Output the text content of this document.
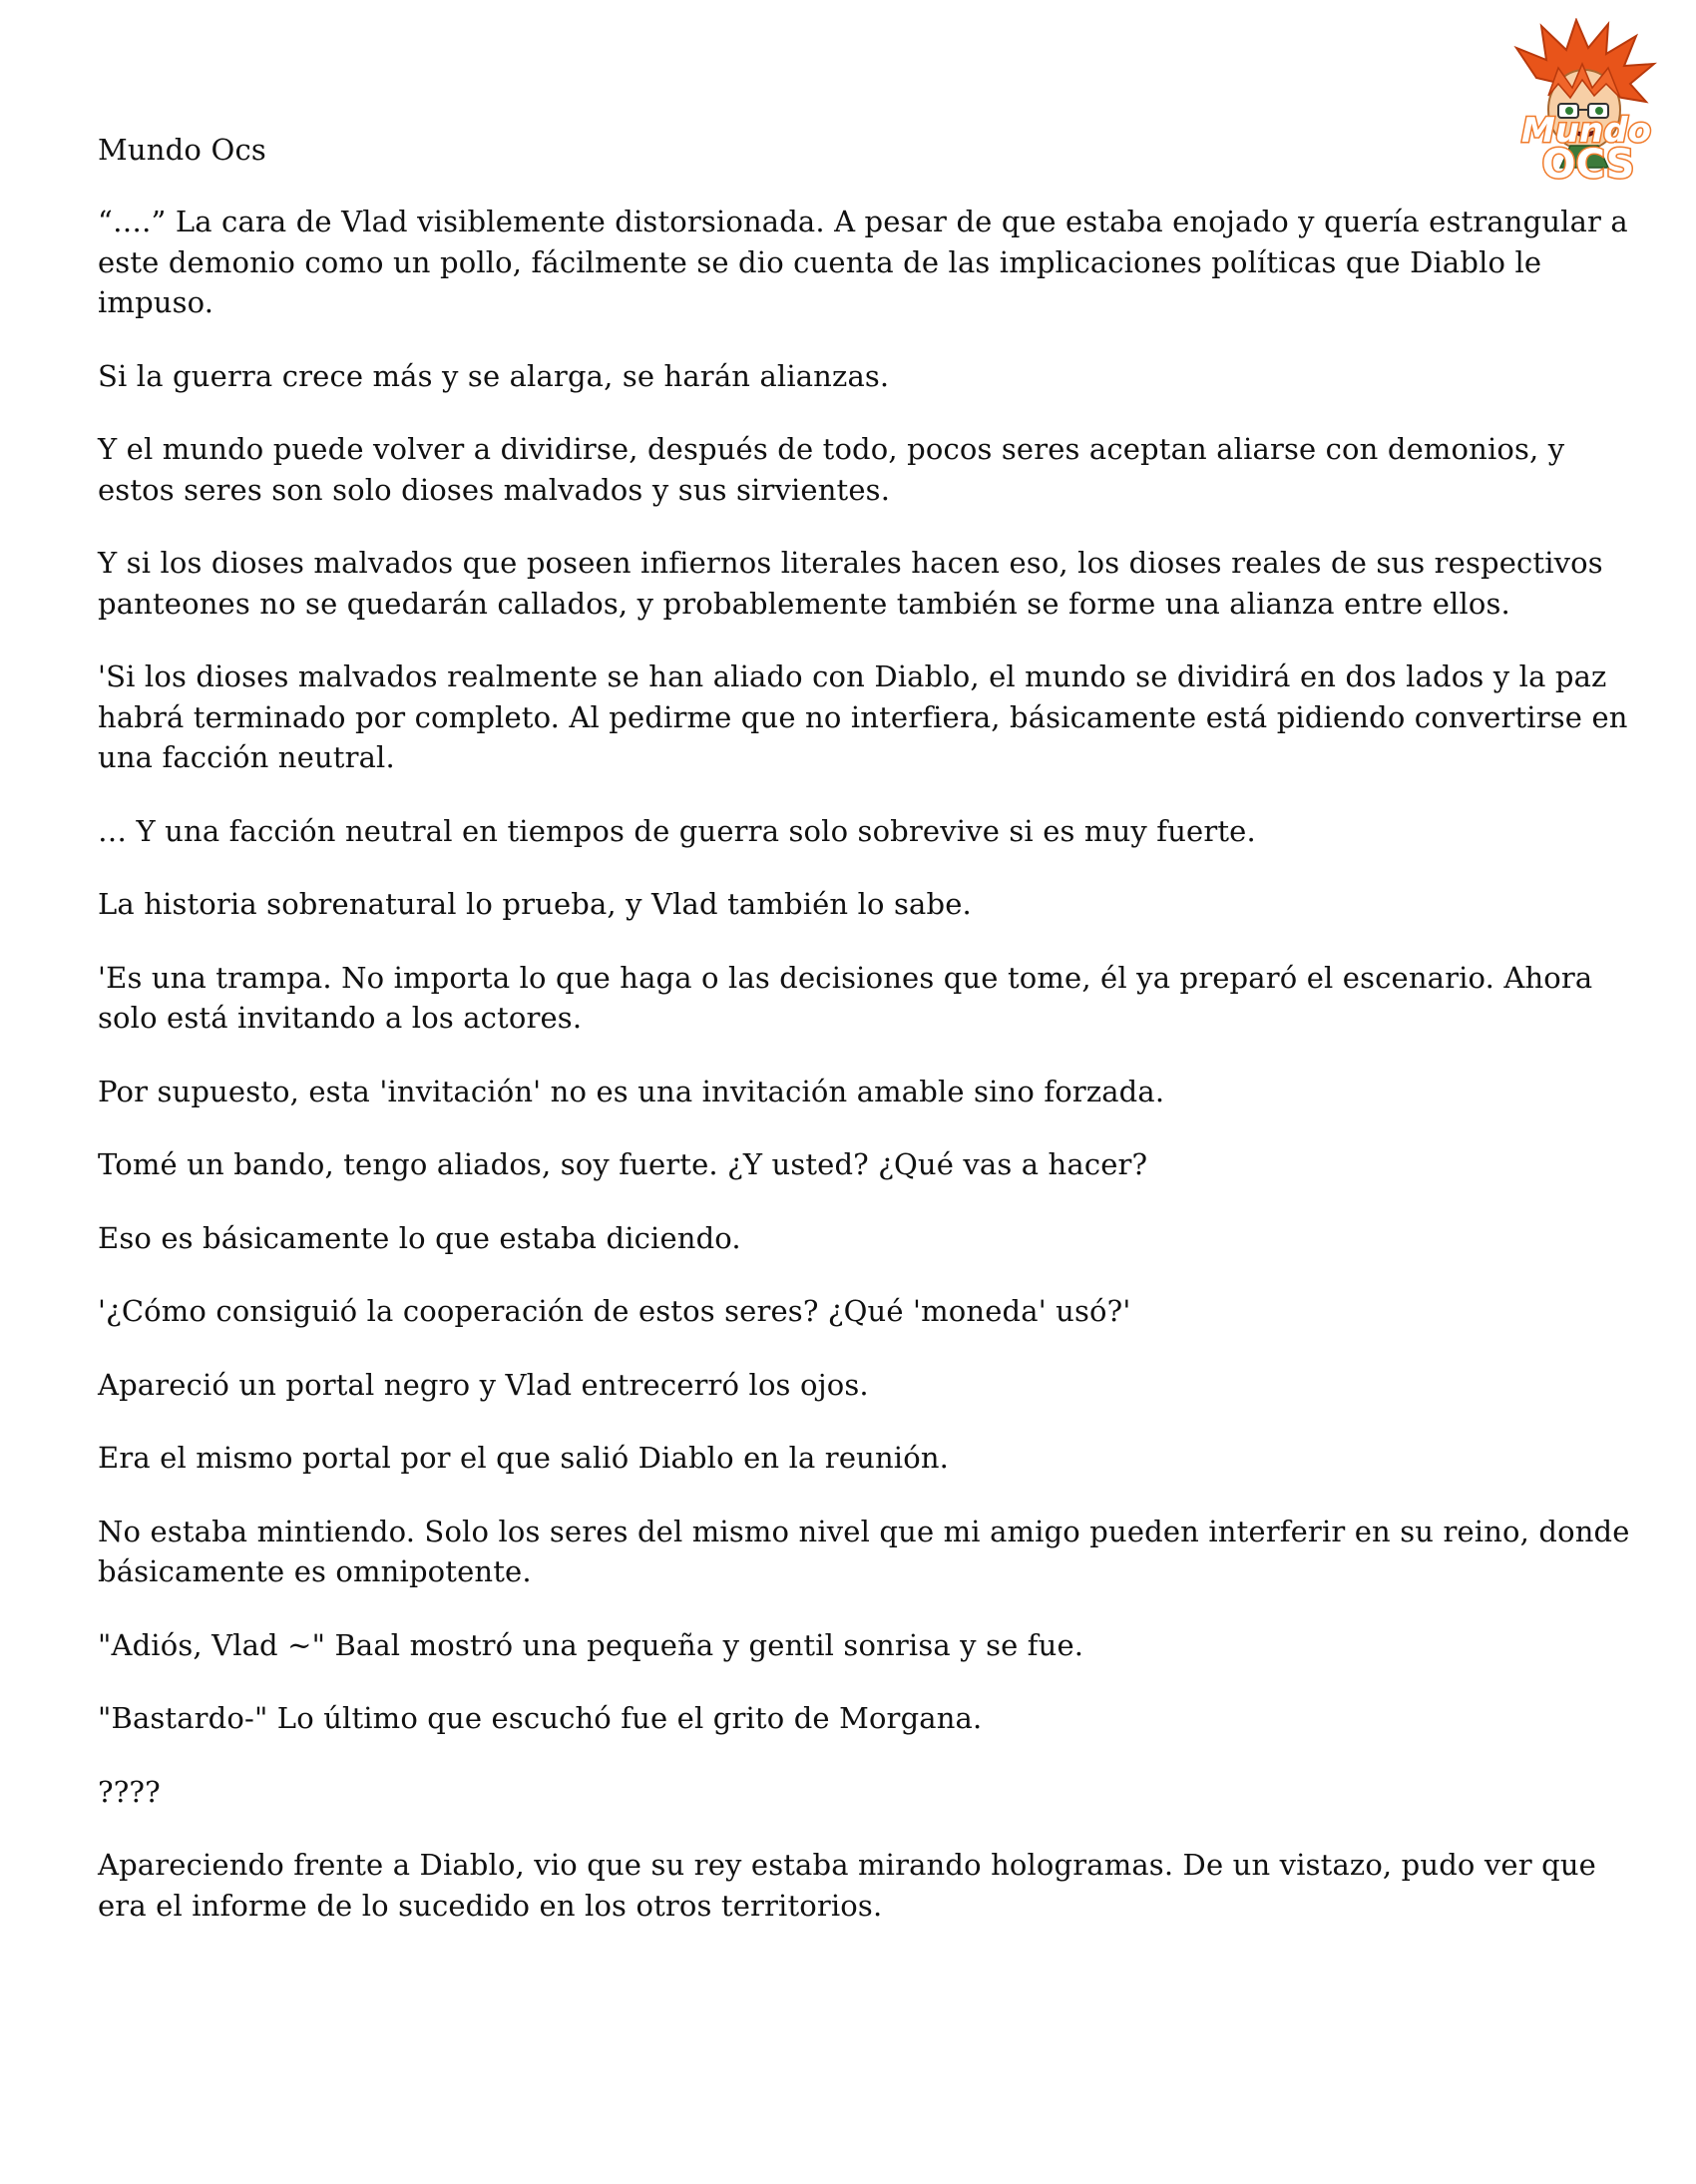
Mundo Ocs	Mundo
OCS

“….” La cara de Vlad visiblemente distorsionada. A pesar de que estaba enojado y quería estrangular a este demonio como un pollo, fácilmente se dio cuenta de las implicaciones políticas que Diablo le impuso.

Si la guerra crece más y se alarga, se harán alianzas.

Y el mundo puede volver a dividirse, después de todo, pocos seres aceptan aliarse con demonios, y estos seres son solo dioses malvados y sus sirvientes.

Y si los dioses malvados que poseen infiernos literales hacen eso, los dioses reales de sus respectivos panteones no se quedarán callados, y probablemente también se forme una alianza entre ellos.

'Si los dioses malvados realmente se han aliado con Diablo, el mundo se dividirá en dos lados y la paz habrá terminado por completo. Al pedirme que no interfiera, básicamente está pidiendo convertirse en una facción neutral.

… Y una facción neutral en tiempos de guerra solo sobrevive si es muy fuerte.

La historia sobrenatural lo prueba, y Vlad también lo sabe.

'Es una trampa. No importa lo que haga o las decisiones que tome, él ya preparó el escenario. Ahora solo está invitando a los actores.

Por supuesto, esta 'invitación' no es una invitación amable sino forzada.

Tomé un bando, tengo aliados, soy fuerte. ¿Y usted? ¿Qué vas a hacer?

Eso es básicamente lo que estaba diciendo.

'¿Cómo consiguió la cooperación de estos seres? ¿Qué 'moneda' usó?'

Apareció un portal negro y Vlad entrecerró los ojos.

Era el mismo portal por el que salió Diablo en la reunión.

No estaba mintiendo. Solo los seres del mismo nivel que mi amigo pueden interferir en su reino, donde básicamente es omnipotente.

"Adiós, Vlad ~" Baal mostró una pequeña y gentil sonrisa y se fue.

"Bastardo-" Lo último que escuchó fue el grito de Morgana.

????

Apareciendo frente a Diablo, vio que su rey estaba mirando hologramas. De un vistazo, pudo ver que era el informe de lo sucedido en los otros territorios.
